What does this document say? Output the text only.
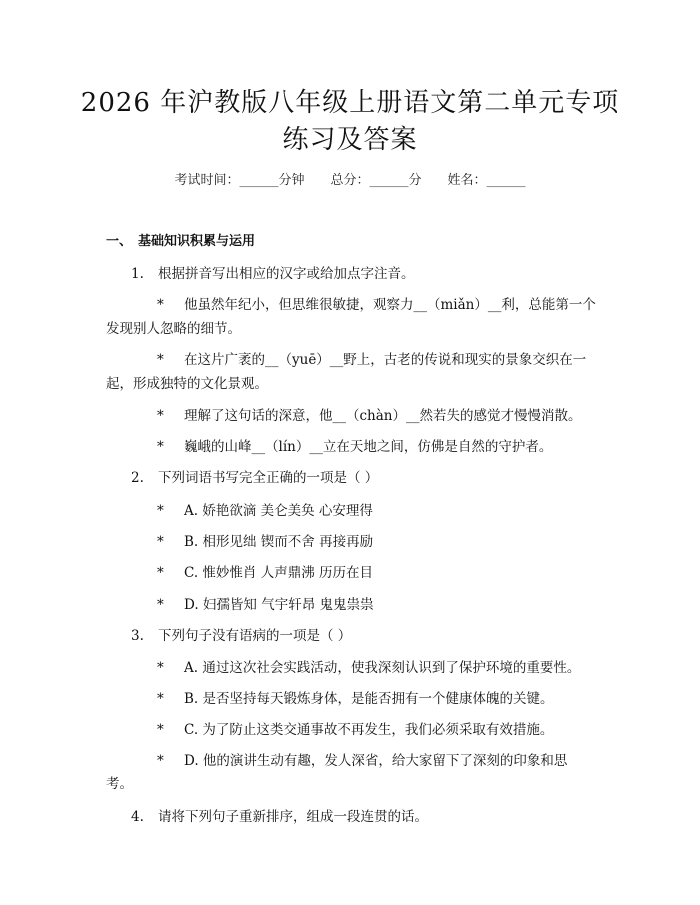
2026 年沪教版八年级上册语文第二单元专项
练习及答案
考试时间：______分钟 总分：______分 姓名：______
一、 基础知识积累与运用
1. 根据拼音写出相应的汉字或给加点字注音。
* 他虽然年纪小，但思维很敏捷，观察力__（miǎn）__利，总能第一个
发现别人忽略的细节。
* 在这片广袤的__（yuē）__野上，古老的传说和现实的景象交织在一
起，形成独特的文化景观。
* 理解了这句话的深意，他__（chàn）__然若失的感觉才慢慢消散。
* 巍峨的山峰__（lín）__立在天地之间，仿佛是自然的守护者。
2. 下列词语书写完全正确的一项是（ ）
* A. 娇艳欲滴 美仑美奂 心安理得
* B. 相形见绌 锲而不舍 再接再励
* C. 惟妙惟肖 人声鼎沸 历历在目
* D. 妇孺皆知 气宇轩昂 鬼鬼祟祟
3. 下列句子没有语病的一项是（ ）
* A. 通过这次社会实践活动，使我深刻认识到了保护环境的重要性。
* B. 是否坚持每天锻炼身体，是能否拥有一个健康体魄的关键。
* C. 为了防止这类交通事故不再发生，我们必须采取有效措施。
* D. 他的演讲生动有趣，发人深省，给大家留下了深刻的印象和思
考。
4. 请将下列句子重新排序，组成一段连贯的话。
